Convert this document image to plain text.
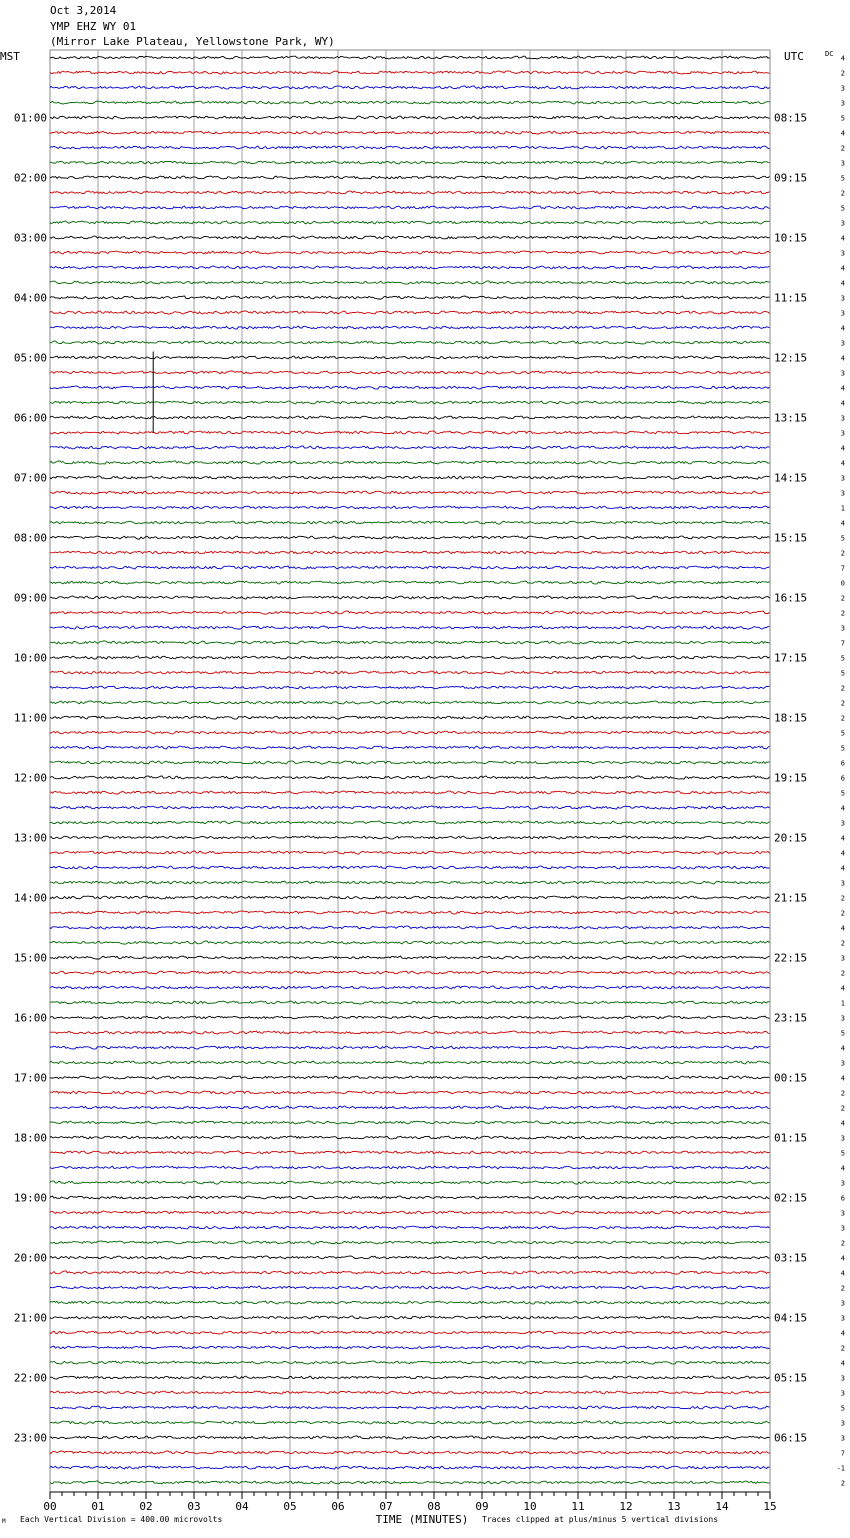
Oct 3,2014
YMP EHZ WY 01
(Mirror Lake Plateau, Yellowstone Park, WY)
MST	UTC	DC
TIME (MINUTES)
00	01	02	03	04	05	06	07	08	09	10	11	12	13	14	15
4
2
3
3
5
4
2
3
5
2
5
3
4
3
4
4
3
3
4
3
4
3
4
4
3
3
4
4
3
3
1
4
5
2
7
0
2
2
3
7
5
5
2
2
2
5
5
6
6
5
4
3
4
4
4
3
2
2
4
2
3
2
4
1
3
5
4
3
4
2
2
4
3
5
4
3
6
3
3
2
4
4
2
3
3
4
2
4
3
3
5
3
3
7
-1
2
01:00
02:00
03:00
04:00
05:00
06:00
07:00
08:00
09:00
10:00
11:00
12:00
13:00
14:00
15:00
16:00
17:00
18:00
19:00
20:00
21:00
22:00
23:00
08:15
09:15
10:15
11:15
12:15
13:15
14:15
15:15
16:15
17:15
18:15
19:15
20:15
21:15
22:15
23:15
00:15
01:15
02:15
03:15
04:15
05:15
06:15
M Each Vertical Division = 400.00 microvolts	Traces clipped at plus/minus 5 vertical divisions
